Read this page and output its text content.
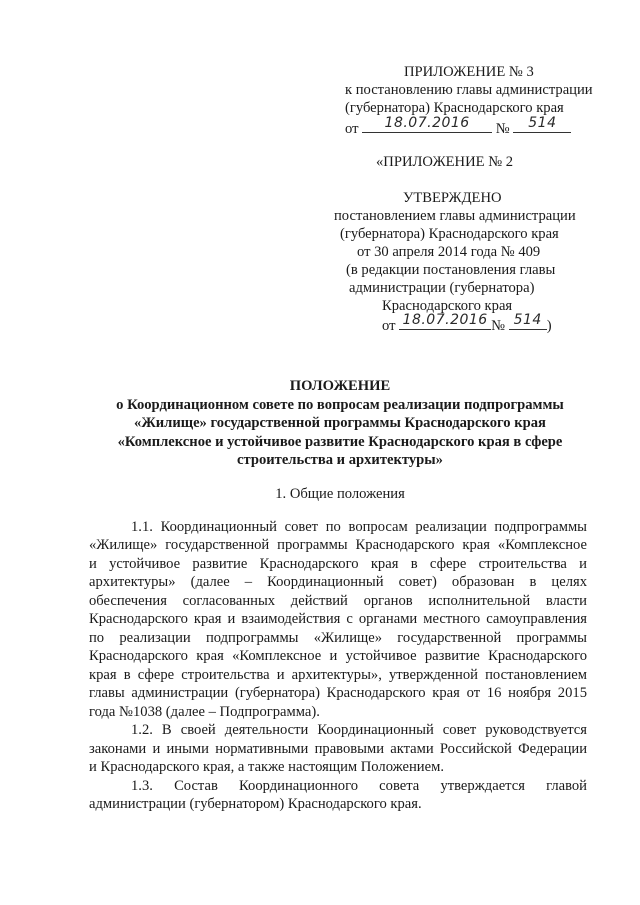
ПРИЛОЖЕНИЕ № 3
к постановлению главы администрации
(губернатора) Краснодарского края
от	18.07.2016	№	514
«ПРИЛОЖЕНИЕ № 2
УТВЕРЖДЕНО
постановлением главы администрации
(губернатора) Краснодарского края
от 30 апреля 2014 года № 409
(в редакции постановления главы
администрации (губернатора)
Краснодарского края
от 18.07.2016 № 514 )
ПОЛОЖЕНИЕ
о Координационном совете по вопросам реализации подпрограммы
«Жилище» государственной программы Краснодарского края
«Комплексное и устойчивое развитие Краснодарского края в сфере
строительства и архитектуры»
1. Общие положения
1.1. Координационный совет по вопросам реализации подпрограммы
«Жилище» государственной программы Краснодарского края «Комплексное
и устойчивое развитие Краснодарского края в сфере строительства и
архитектуры» (далее – Координационный совет) образован в целях
обеспечения согласованных действий органов исполнительной власти
Краснодарского края и взаимодействия с органами местного самоуправления
по реализации подпрограммы «Жилище» государственной программы
Краснодарского края «Комплексное и устойчивое развитие Краснодарского
края в сфере строительства и архитектуры», утвержденной постановлением
главы администрации (губернатора) Краснодарского края от 16 ноября 2015
года №1038 (далее – Подпрограмма).
1.2. В своей деятельности Координационный совет руководствуется
законами и иными нормативными правовыми актами Российской Федерации
и Краснодарского края, а также настоящим Положением.
1.3. Состав Координационного совета утверждается главой
администрации (губернатором) Краснодарского края.
